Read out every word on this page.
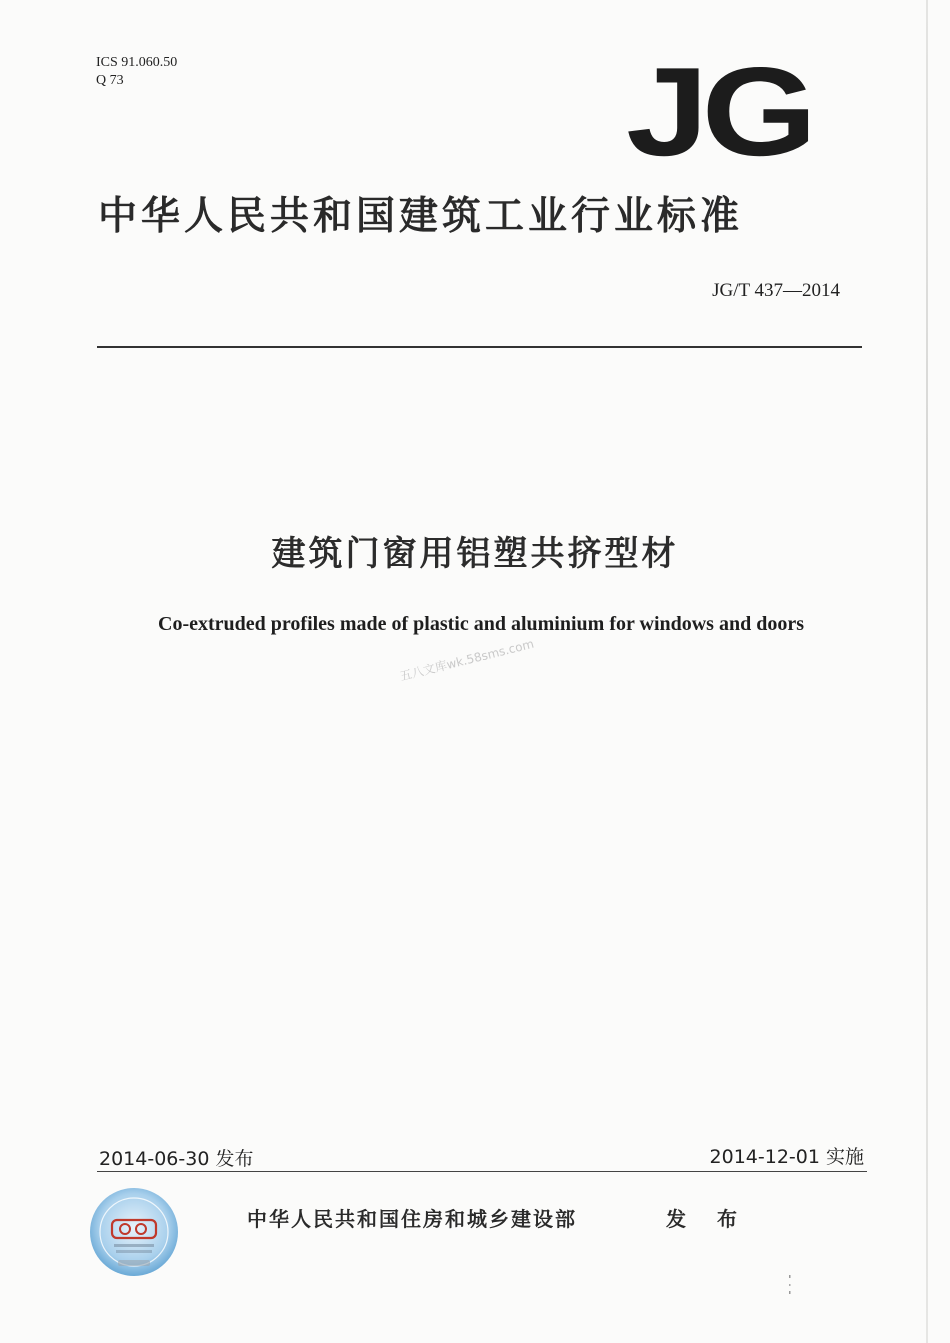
ICS 91.060.50
Q 73	JG
中华人民共和国建筑工业行业标准
JG/T 437—2014
建筑门窗用铝塑共挤型材
Co-extruded profiles made of plastic and aluminium for windows and doors
五八文库wk.58sms.com
2014-06-30 发布	2014-12-01 实施
中华人民共和国住房和城乡建设部	发 布
